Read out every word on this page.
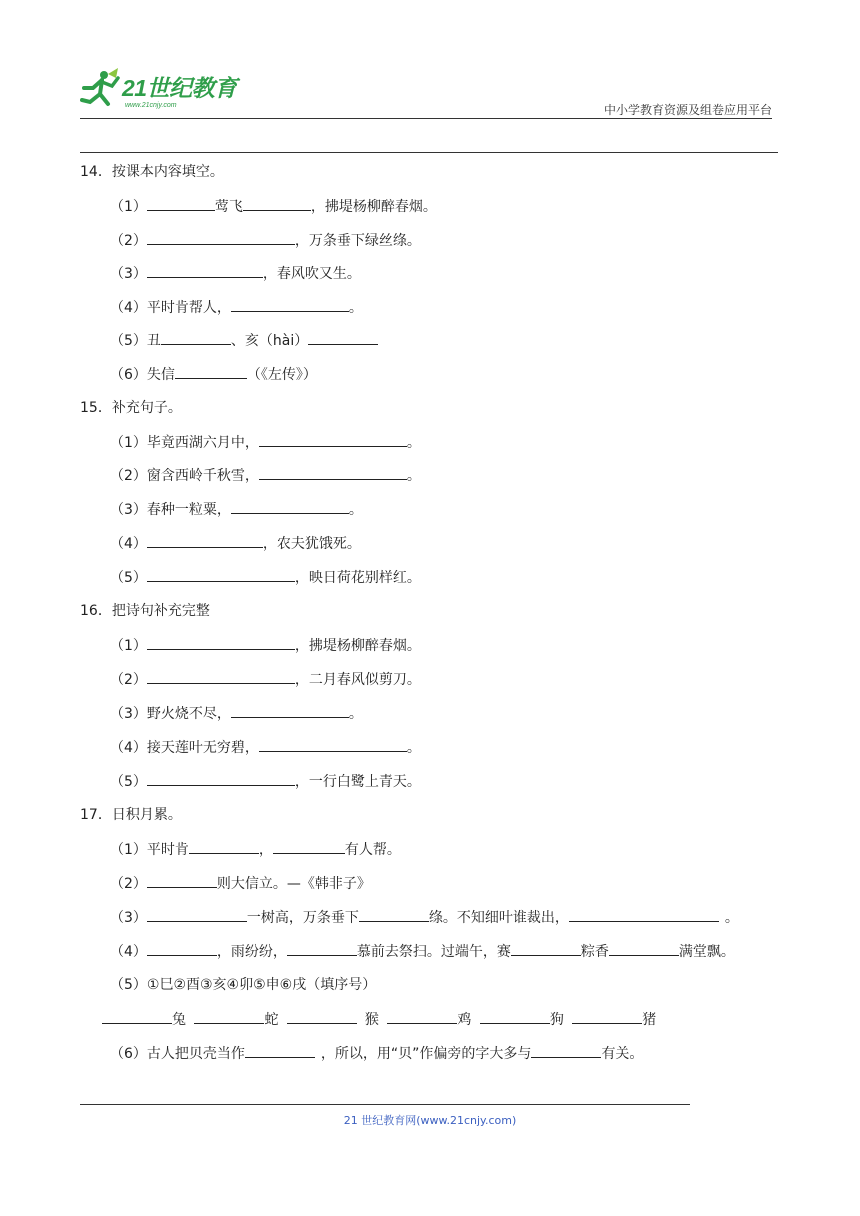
21世纪教育
www.21cnjy.com	中小学教育资源及组卷应用平台
14．按课本内容填空。
（1）	莺飞	，拂堤杨柳醉春烟。
（2）	，万条垂下绿丝绦。
（3）	，春风吹又生。
（4）平时肯帮人，	。
（5）丑	、亥（hài）
（6）失信	（《左传》）
15．补充句子。
（1）毕竟西湖六月中，	。
（2）窗含西岭千秋雪，	。
（3）春种一粒粟，	。
（4）	，农夫犹饿死。
（5）	，映日荷花别样红。
16．把诗句补充完整
（1）	，拂堤杨柳醉春烟。
（2）	，二月春风似剪刀。
（3）野火烧不尽，	。
（4）接天莲叶无穷碧，	。
（5）	，一行白鹭上青天。
17．日积月累。
（1）平时肯	，	有人帮。
（2）	则大信立。—《韩非子》
（3）	一树高，万条垂下	绦。不知细叶谁裁出，	。
（4）	，雨纷纷，	慕前去祭扫。过端午，赛	粽香	满堂飘。
（5）①巳②酉③亥④卯⑤申⑥戌（填序号）
兔	蛇	猴	鸡	狗	猪
（6）古人把贝壳当作	，所以，用“贝”作偏旁的字大多与	有关。
21 世纪教育网(www.21cnjy.com)
